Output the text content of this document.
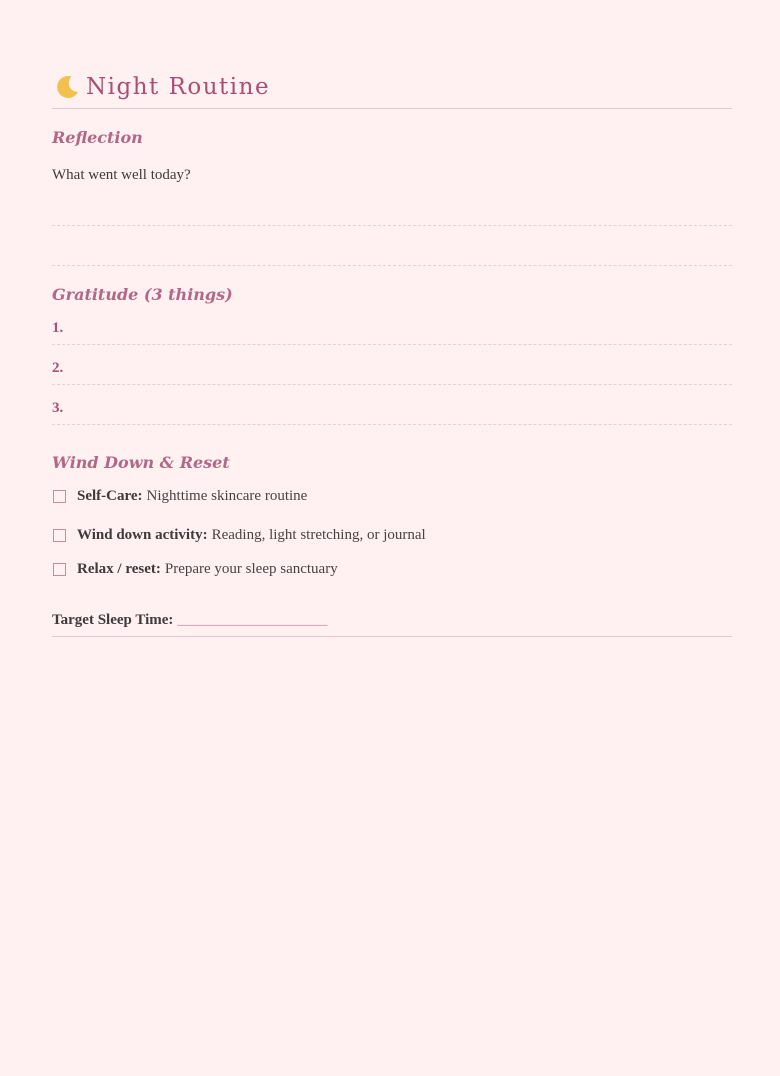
Night Routine
Reflection
What went well today?
Gratitude (3 things)
1.
2.
3.
Wind Down & Reset
Self-Care: Nighttime skincare routine
Wind down activity: Reading, light stretching, or journal
Relax / reset: Prepare your sleep sanctuary
Target Sleep Time: ____________________
